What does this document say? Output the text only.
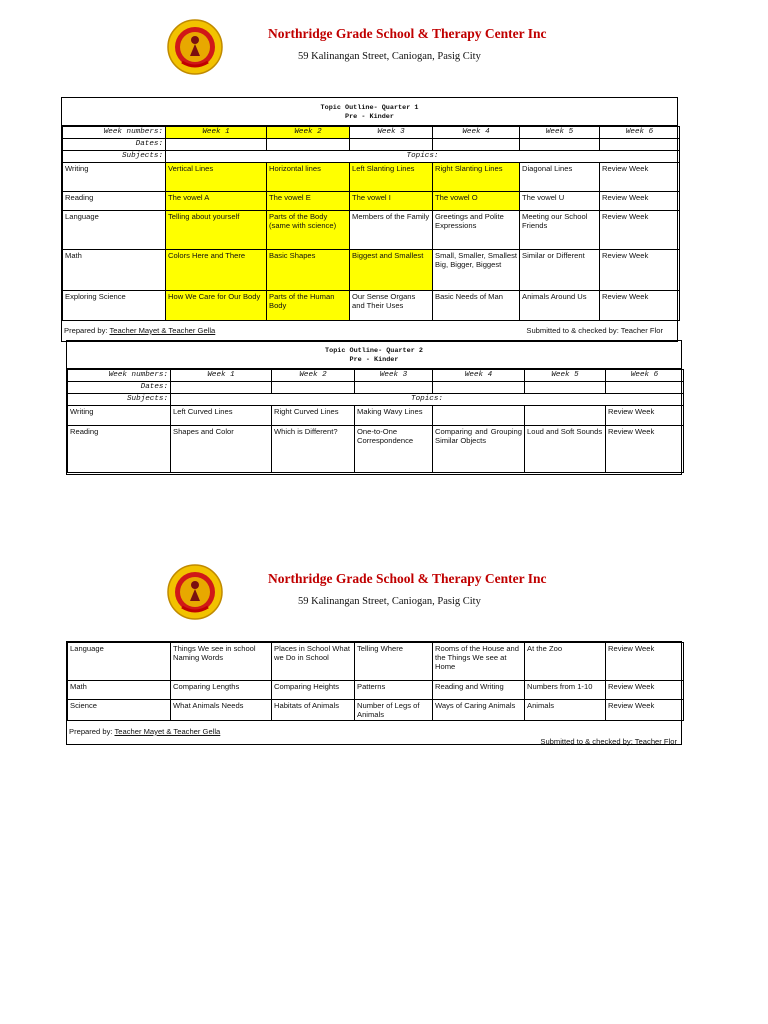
Northridge Grade School & Therapy Center Inc
59 Kalinangan Street, Caniogan, Pasig City
Topic Outline- Quarter 1
Pre - Kinder
Week numbers:	Week 1	Week 2	Week 3	Week 4	Week 5	Week 6
Dates:						
Subjects:	Topics:					
Writing	Vertical Lines	Horizontal lines	Left Slanting Lines	Right Slanting Lines	Diagonal Lines	Review Week
Reading	The vowel A	The vowel E	The vowel I	The vowel O	The vowel U	Review Week
Language	Telling about yourself	Parts of the Body (same with science)	Members of the Family	Greetings and Polite Expressions	Meeting our School Friends	Review Week
Math	Colors Here and There	Basic Shapes	Biggest and Smallest	Small, Smaller, Smallest Big, Bigger, Biggest	Similar or Different	Review Week
Exploring Science	How We Care for Our Body	Parts of the Human Body	Our Sense Organs and Their Uses	Basic Needs of Man	Animals Around Us	Review Week
Prepared by: Teacher Mayet & Teacher Gella	Submitted to & checked by: Teacher Flor
Topic Outline- Quarter 2
Pre - Kinder
Week numbers:	Week 1	Week 2	Week 3	Week 4	Week 5	Week 6
Dates:						
Subjects:	Topics:					
Writing	Left Curved Lines	Right Curved Lines	Making Wavy Lines			Review Week
Reading	Shapes and Color	Which is Different?	One-to-One Correspondence	Comparing and Grouping Similar Objects	Loud and Soft Sounds	Review Week
Northridge Grade School & Therapy Center Inc
59 Kalinangan Street, Caniogan, Pasig City
Language	Things We see in school Naming Words	Places in School What we Do in School	Telling Where	Rooms of the House and the Things We see at Home	At the Zoo	Review Week
Math	Comparing Lengths	Comparing Heights	Patterns	Reading and Writing	Numbers from 1-10	Review Week
Science	What Animals Needs	Habitats of Animals	Number of Legs of Animals	Ways of Caring Animals	Animals	Review Week
Prepared by: Teacher Mayet & Teacher Gella
Submitted to & checked by: Teacher Flor
